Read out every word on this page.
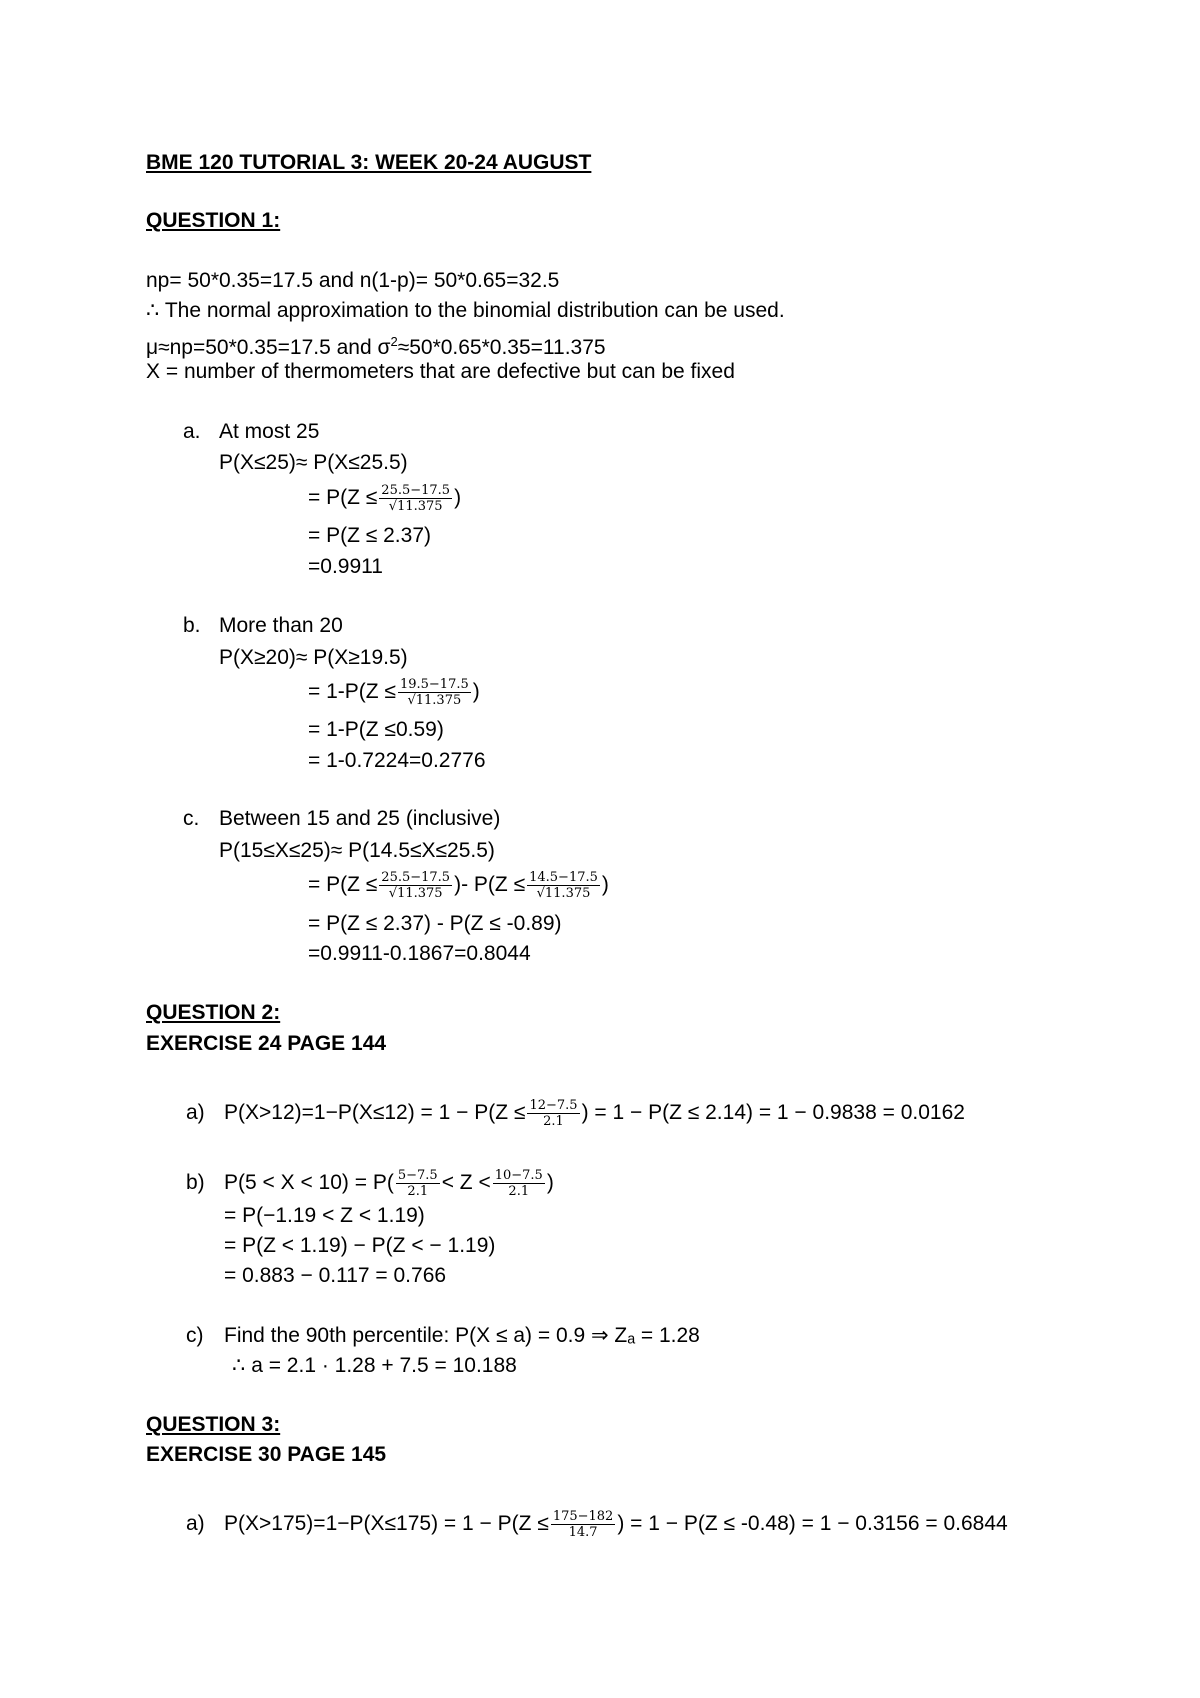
BME 120 TUTORIAL 3: WEEK 20-24 AUGUST
QUESTION 1:
np= 50*0.35=17.5 and n(1-p)= 50*0.65=32.5
∴ The normal approximation to the binomial distribution can be used.
μ≈np=50*0.35=17.5 and $\sigma^2\approx 50*0.65*0.35=11.375$
X = number of thermometers that are defective but can be fixed
a. At most 25
P(X≤25)≈ P(X≤25.5)
= $P(Z \le \frac{25.5-17.5}{√11.375}$ )
= P(Z ≤ 2.37)
=0.9911
b. More than 20
P(X≥20)≈ P(X≥19.5)
= $1-P(Z \le \frac{19.5-17.5}{√11.375}$ )
= 1-P(Z ≤0.59)
= 1-0.7224=0.2776
c. Between 15 and 25 (inclusive)
P(15≤X≤25)≈ P(14.5≤X≤25.5)
= $P(Z \le \frac{25.5-17.5}{√11.375}$ )- $P(Z \le \frac{14.5-17.5}{√11.375}$ )
= P(Z ≤ 2.37) - P(Z ≤ -0.89)
=0.9911-0.1867=0.8044
QUESTION 2:
EXERCISE 24 PAGE 144
a) $P(X>12)=1-P(X\le 12) = 1 - P(Z \le \frac{12-7.5}{2.1}$ ) = 1 − P(Z ≤ 2.14) = 1 − 0.9838 = 0.0162
b) $P(5 < X < 10) = P( \frac{5-7.5}{2.1} < Z < \frac{10-7.5}{2.1}$ )
= P(−1.19 < Z < 1.19)
= P(Z < 1.19) − P(Z < − 1.19)
= 0.883 − 0.117 = 0.766
c) Find the 90th percentile: P(X ≤ a) = 0.9 ⇒ Zₐ = 1.28
∴ a = 2.1 · 1.28 + 7.5 = 10.188
QUESTION 3:
EXERCISE 30 PAGE 145
a) $P(X>175)=1-P(X\le 175) = 1 - P(Z \le \frac{175-182}{14.7}$ ) = 1 − P(Z ≤ -0.48) = 1 − 0.3156 = 0.6844
